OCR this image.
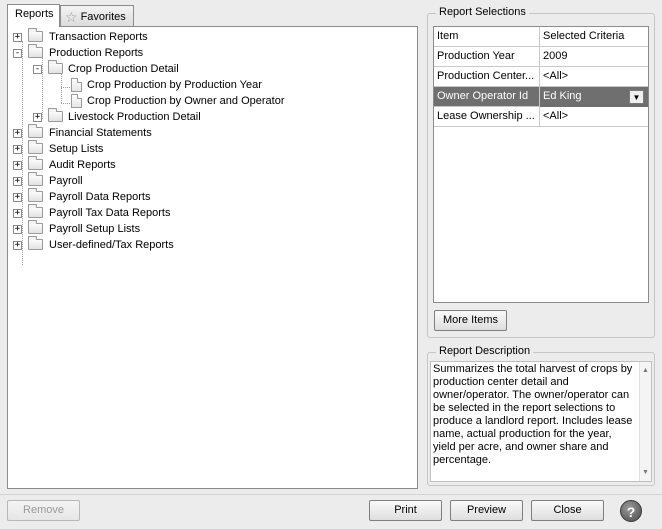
Reports ☆ Favorites
+	Transaction Reports
-	Production Reports
-	Crop Production Detail
Crop Production by Production Year
Crop Production by Owner and Operator
+	Livestock Production Detail
+	Financial Statements
+	Setup Lists
+	Audit Reports
+	Payroll
+	Payroll Data Reports
+	Payroll Tax Data Reports
+	Payroll Setup Lists
+	User-defined/Tax Reports
Report Selections
Item	Selected Criteria
Production Year	2009
Production Center... <All>
Owner Operator Id	Ed King	▼
Lease Ownership ... <All>
More Items
Report Description
Summarizes the total harvest of crops by production center detail and owner/operator. The owner/operator can be selected in the report selections to produce a landlord report. Includes lease name, actual production for the year, yield per acre, and owner share and percentage.
▲
▼
Remove	Print	Preview	Close	?
